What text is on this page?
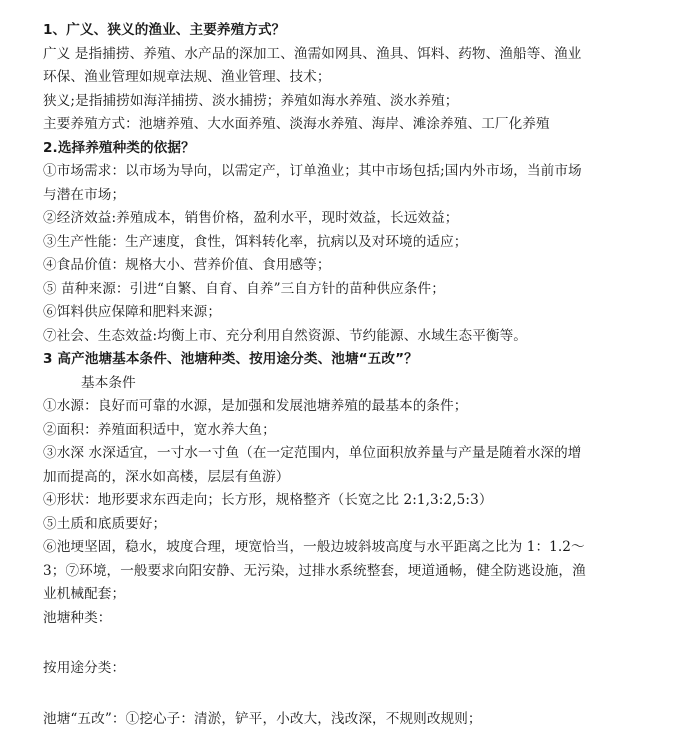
1、广义、狭义的渔业、主要养殖方式？
广义 是指捕捞、养殖、水产品的深加工、渔需如网具、渔具、饵料、药物、渔船等、渔业
环保、渔业管理如规章法规、渔业管理、技术；
狭义;是指捕捞如海洋捕捞、淡水捕捞；养殖如海水养殖、淡水养殖；
主要养殖方式：池塘养殖、大水面养殖、淡海水养殖、海岸、滩涂养殖、工厂化养殖
2.选择养殖种类的依据？
①市场需求：以市场为导向，以需定产，订单渔业；其中市场包括;国内外市场，当前市场
与潜在市场；
②经济效益:养殖成本，销售价格，盈利水平，现时效益，长远效益；
③生产性能：生产速度，食性，饵料转化率，抗病以及对环境的适应；
④食品价值：规格大小、营养价值、食用感等；
⑤ 苗种来源：引进“自繁、自育、自养”三自方针的苗种供应条件；
⑥饵料供应保障和肥料来源；
⑦社会、生态效益:均衡上市、充分利用自然资源、节约能源、水域生态平衡等。
3 高产池塘基本条件、池塘种类、按用途分类、池塘“五改”？
基本条件
①水源：良好而可靠的水源，是加强和发展池塘养殖的最基本的条件；
②面积：养殖面积适中，宽水养大鱼；
③水深 水深适宜，一寸水一寸鱼（在一定范围内，单位面积放养量与产量是随着水深的增
加而提高的，深水如高楼，层层有鱼游）
④形状：地形要求东西走向；长方形，规格整齐（长宽之比 2:1,3:2,5:3）
⑤土质和底质要好；
⑥池埂坚固，稳水，坡度合理，埂宽恰当，一般边坡斜坡高度与水平距离之比为 1：1.2～
3；⑦环境，一般要求向阳安静、无污染，过排水系统整套，埂道通畅，健全防逃设施，渔
业机械配套；
池塘种类：
按用途分类：
池塘“五改”：①挖心子：清淤，铲平，小改大，浅改深，不规则改规则；
